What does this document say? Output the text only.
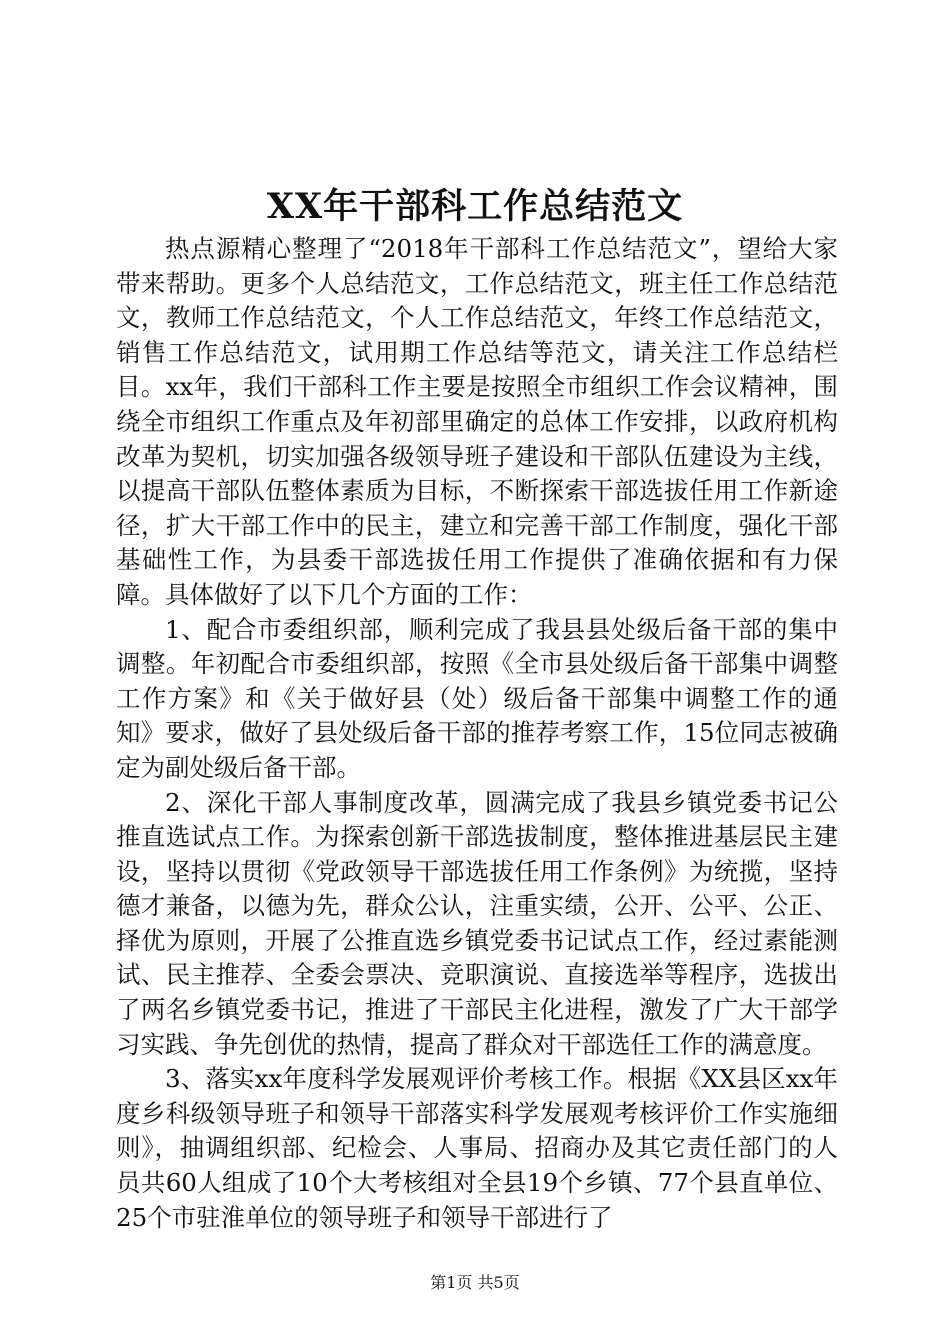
XX年干部科工作总结范文

热点源精心整理了“2018年干部科工作总结范文”，望给大家带来帮助。更多个人总结范文，工作总结范文，班主任工作总结范文，教师工作总结范文，个人工作总结范文，年终工作总结范文，销售工作总结范文，试用期工作总结等范文，请关注工作总结栏目。xx年，我们干部科工作主要是按照全市组织工作会议精神，围绕全市组织工作重点及年初部里确定的总体工作安排，以政府机构改革为契机，切实加强各级领导班子建设和干部队伍建设为主线，以提高干部队伍整体素质为目标，不断探索干部选拔任用工作新途径，扩大干部工作中的民主，建立和完善干部工作制度，强化干部基础性工作，为县委干部选拔任用工作提供了准确依据和有力保障。具体做好了以下几个方面的工作：

1、配合市委组织部，顺利完成了我县县处级后备干部的集中调整。年初配合市委组织部，按照《全市县处级后备干部集中调整工作方案》和《关于做好县（处）级后备干部集中调整工作的通知》要求，做好了县处级后备干部的推荐考察工作，15位同志被确定为副处级后备干部。

2、深化干部人事制度改革，圆满完成了我县乡镇党委书记公推直选试点工作。为探索创新干部选拔制度，整体推进基层民主建设，坚持以贯彻《党政领导干部选拔任用工作条例》为统揽，坚持德才兼备，以德为先，群众公认，注重实绩，公开、公平、公正、择优为原则，开展了公推直选乡镇党委书记试点工作，经过素能测试、民主推荐、全委会票决、竞职演说、直接选举等程序，选拔出了两名乡镇党委书记，推进了干部民主化进程，激发了广大干部学习实践、争先创优的热情，提高了群众对干部选任工作的满意度。

3、落实xx年度科学发展观评价考核工作。根据《XX县区xx年度乡科级领导班子和领导干部落实科学发展观考核评价工作实施细则》，抽调组织部、纪检会、人事局、招商办及其它责任部门的人员共60人组成了10个大考核组对全县19个乡镇、77个县直单位、25个市驻淮单位的领导班子和领导干部进行了

第1页 共5页
